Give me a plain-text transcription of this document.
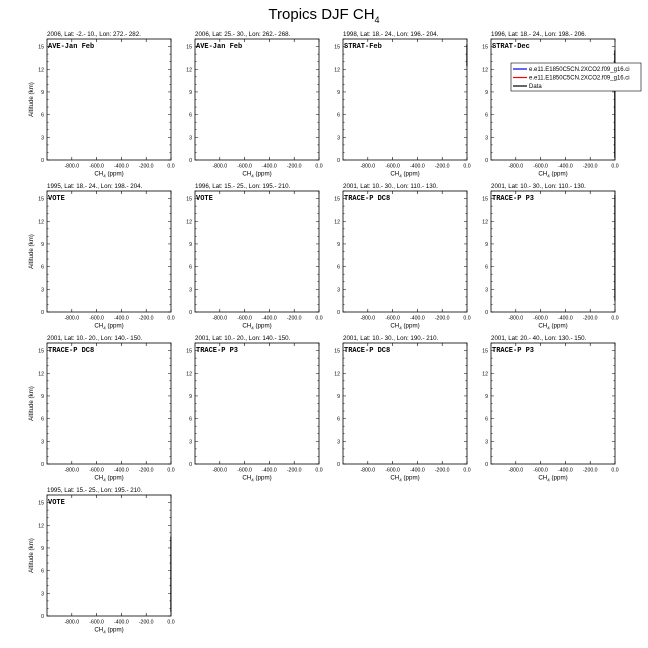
Tropics DJF $CH_4$
2006, Lat: -2.- 10., Lon: 272.- 282.
AVE-Jan Feb
-800.0 -600.0 -400.0 -200.0	0.0
0
3
6
9
12
15
$CH_4$ (ppm)
Altitude (km)
2006, Lat: 25.- 30., Lon: 262.- 268.
AVE-Jan Feb
-800.0 -600.0 -400.0 -200.0	0.0
0
3
6
9
12
15
$CH_4$ (ppm)
1998, Lat: 18.- 24., Lon: 196.- 204.
STRAT-Feb
-800.0 -600.0 -400.0 -200.0	0.0
0
3
6
9
12
15
$CH_4$ (ppm)
1996, Lat: 18.- 24., Lon: 198.- 206.
STRAT-Dec
-800.0 -600.0 -400.0 -200.0	0.0
0
3
6
9
12
15
$CH_4$ (ppm)
e.e11.E1850C5CN.2XCO2.f09_g16.ci
e.e11.E1850C5CN.2XCO2.f09_g16.ci
Data
1995, Lat: 18.- 24., Lon: 198.- 204.
VOTE
-800.0 -600.0 -400.0 -200.0	0.0
0
3
6
9
12
15
$CH_4$ (ppm)
Altitude (km)
1996, Lat: 15.- 25., Lon: 195.- 210.
VOTE
-800.0 -600.0 -400.0 -200.0	0.0
0
3
6
9
12
15
$CH_4$ (ppm)
2001, Lat: 10.- 30., Lon: 110.- 130.
TRACE-P DC8
-800.0 -600.0 -400.0 -200.0	0.0
0
3
6
9
12
15
$CH_4$ (ppm)
2001, Lat: 10.- 30., Lon: 110.- 130.
TRACE-P P3
-800.0 -600.0 -400.0 -200.0	0.0
0
3
6
9
12
15
$CH_4$ (ppm)
2001, Lat: 10.- 20., Lon: 140.- 150.
TRACE-P DC8
-800.0 -600.0 -400.0 -200.0	0.0
0
3
6
9
12
15
$CH_4$ (ppm)
Altitude (km)
2001, Lat: 10.- 20., Lon: 140.- 150.
TRACE-P P3
-800.0 -600.0 -400.0 -200.0	0.0
0
3
6
9
12
15
$CH_4$ (ppm)
2001, Lat: 10.- 30., Lon: 190.- 210.
TRACE-P DC8
-800.0 -600.0 -400.0 -200.0	0.0
0
3
6
9
12
15
$CH_4$ (ppm)
2001, Lat: 20.- 40., Lon: 130.- 150.
TRACE-P P3
-800.0 -600.0 -400.0 -200.0	0.0
0
3
6
9
12
15
$CH_4$ (ppm)
1995, Lat: 15.- 25., Lon: 195.- 210.
VOTE
-800.0 -600.0 -400.0 -200.0	0.0
0
3
6
9
12
15
$CH_4$ (ppm)
Altitude (km)
